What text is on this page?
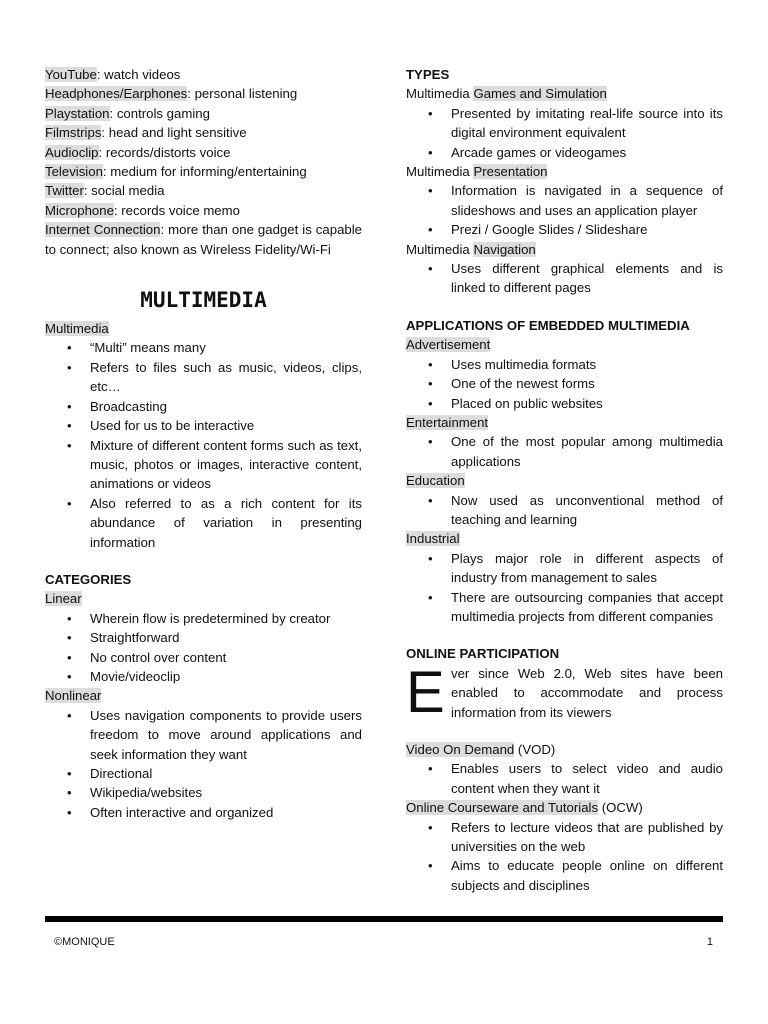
YouTube: watch videos

Headphones/Earphones: personal listening

Playstation: controls gaming

Filmstrips: head and light sensitive

Audioclip: records/distorts voice

Television: medium for informing/entertaining

Twitter: social media

Microphone: records voice memo

Internet Connection: more than one gadget is capable to connect; also known as Wireless Fidelity/Wi-Fi

MULTIMEDIA

Multimedia

• “Multi” means many
• Refers to files such as music, videos, clips, etc…
• Broadcasting
• Used for us to be interactive
• Mixture of different content forms such as text, music, photos or images, interactive content, animations or videos
• Also referred to as a rich content for its abundance of variation in presenting information

CATEGORIES

Linear

• Wherein flow is predetermined by creator
• Straightforward
• No control over content
• Movie/videoclip

Nonlinear

• Uses navigation components to provide users freedom to move around applications and seek information they want
• Directional
• Wikipedia/websites
• Often interactive and organized

TYPES

Multimedia Games and Simulation

• Presented by imitating real-life source into its digital environment equivalent
• Arcade games or videogames

Multimedia Presentation

• Information is navigated in a sequence of slideshows and uses an application player
• Prezi / Google Slides / Slideshare

Multimedia Navigation

• Uses different graphical elements and is linked to different pages

APPLICATIONS OF EMBEDDED MULTIMEDIA

Advertisement

• Uses multimedia formats
• One of the newest forms
• Placed on public websites

Entertainment

• One of the most popular among multimedia applications

Education

• Now used as unconventional method of teaching and learning

Industrial

• Plays major role in different aspects of industry from management to sales
• There are outsourcing companies that accept multimedia projects from different companies

ONLINE PARTICIPATION

E ver since Web 2.0, Web sites have been enabled to accommodate and process information from its viewers

Video On Demand (VOD)

• Enables users to select video and audio content when they want it

Online Courseware and Tutorials (OCW)

• Refers to lecture videos that are published by universities on the web
• Aims to educate people online on different subjects and disciplines
©MONIQUE	1
